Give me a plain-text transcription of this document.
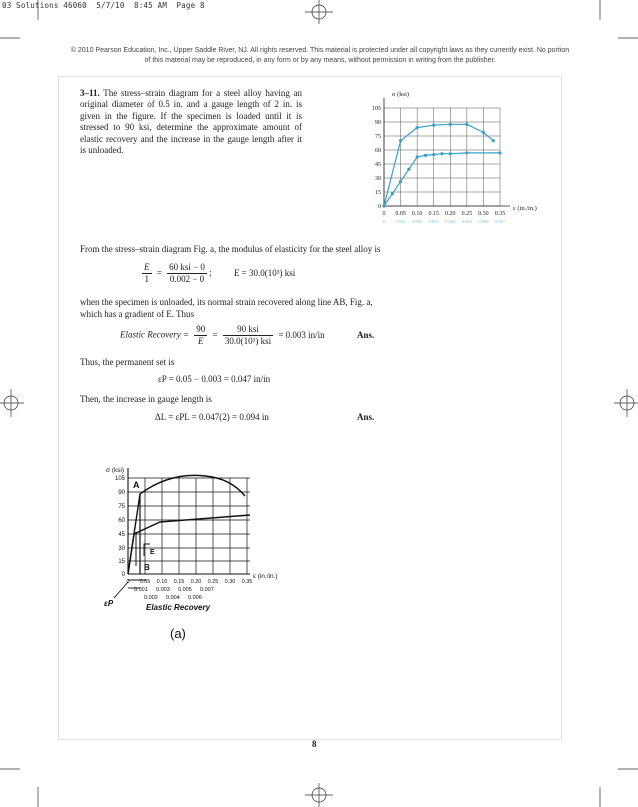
03 Solutions 46060  5/7/10  8:45 AM  Page 8
© 2010 Pearson Education, Inc., Upper Saddle River, NJ. All rights reserved. This material is protected under all copyright laws as they currently exist. No portion of this material may be reproduced, in any form or by any means, without permission in writing from the publisher.
3–11. The stress–strain diagram for a steel alloy having an original diameter of 0.5 in. and a gauge length of 2 in. is given in the figure. If the specimen is loaded until it is stressed to 90 ksi, determine the approximate amount of elastic recovery and the increase in the gauge length after it is unloaded.
105
90
75
60
45
30
15
0
0 0.05 0.10 0.15 0.20 0.25 0.30 0.35
0 0.001 0.002 0.003 0.004 0.005 0.006 0.007
σ (ksi)
ε (in./in.)
From the stress–strain diagram Fig. a, the modulus of elasticity for the steel alloy is
$\frac{E}{1} = \frac{\text{60 ksi − 0}}{0.002 - 0}$ ; E = 30.0(10³) ksi
when the specimen is unloaded, its normal strain recovered along line AB, Fig. a,
which has a gradient of E. Thus
Elastic Recovery = $\frac{90}{E} = \frac{\text{90 ksi}}{\text{30.0(10³) ksi}} = 0.003$ in/in	Ans.
Thus, the permanent set is
εP = 0.05 − 0.003 = 0.047 in/in
Then, the increase in gauge length is
ΔL = εPL = 0.047(2) = 0.094 in	Ans.
σ (ksi)
ε (in./in.)
105
90
75
60
45
30
15
0
0 0.05 0.10 0.15 0.20 0.25 0.30 0.35
0.001 0.003 0.005 0.007
0.002 0.004 0.006
A
B
E
εP	Elastic Recovery
(a)
8
